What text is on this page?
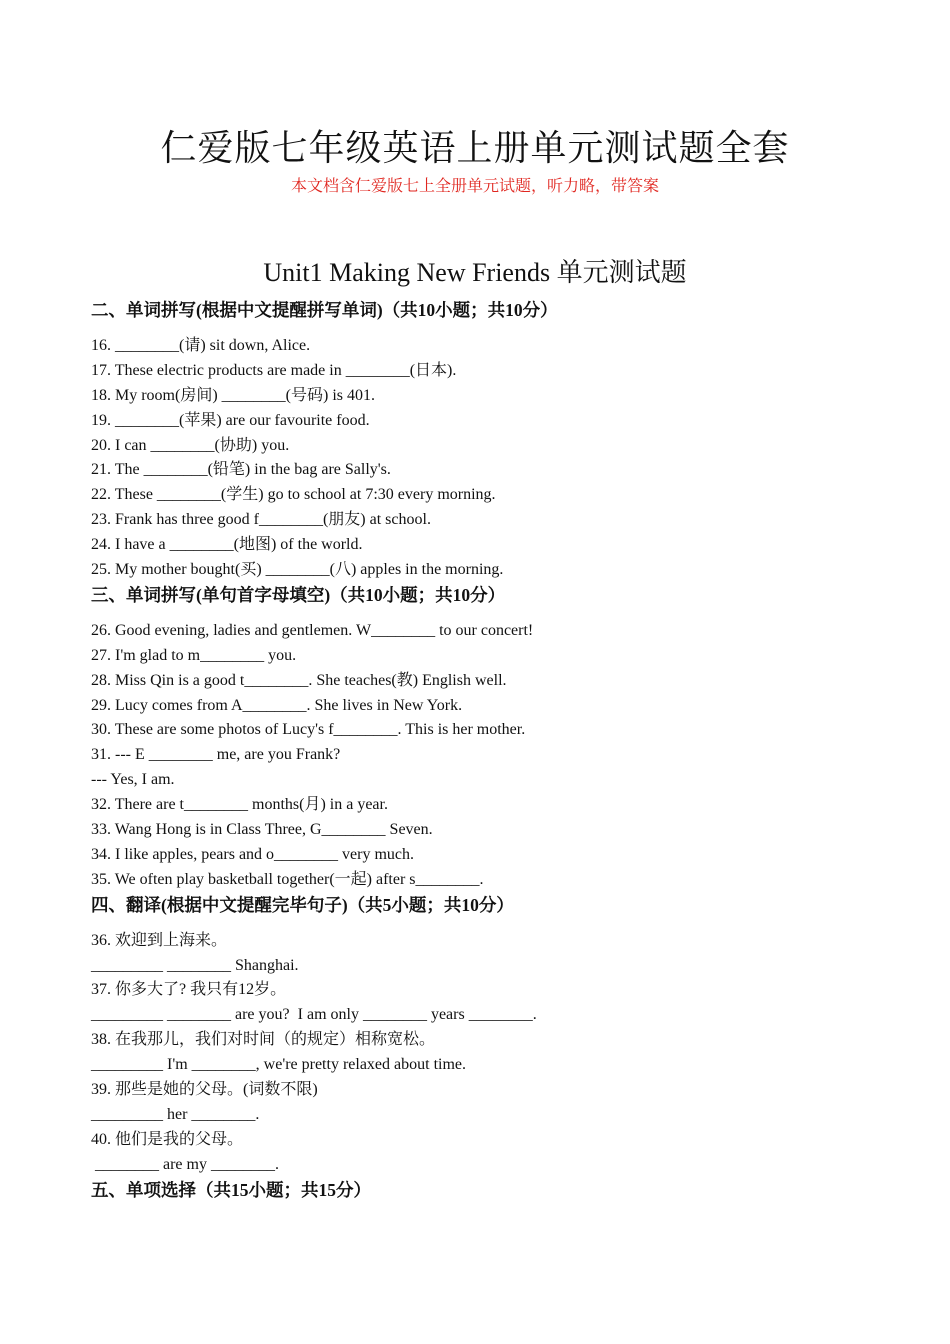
仁爱版七年级英语上册单元测试题全套
本文档含仁爱版七上全册单元试题，听力略，带答案
Unit1 Making New Friends 单元测试题
二、单词拼写(根据中文提醒拼写单词)（共10小题；共10分）
16. ________(请) sit down, Alice.
17. These electric products are made in ________(日本).
18. My room(房间) ________(号码) is 401.
19. ________(苹果) are our favourite food.
20. I can ________(协助) you.
21. The ________(铅笔) in the bag are Sally's.
22. These ________(学生) go to school at 7:30 every morning.
23. Frank has three good f________(朋友) at school.
24. I have a ________(地图) of the world.
25. My mother bought(买) ________(八) apples in the morning.
三、单词拼写(单句首字母填空)（共10小题；共10分）
26. Good evening, ladies and gentlemen. W________ to our concert!
27. I'm glad to m________ you.
28. Miss Qin is a good t________. She teaches(教) English well.
29. Lucy comes from A________. She lives in New York.
30. These are some photos of Lucy's f________. This is her mother.
31. --- E ________ me, are you Frank?
--- Yes, I am.
32. There are t________ months(月) in a year.
33. Wang Hong is in Class Three, G________ Seven.
34. I like apples, pears and o________ very much.
35. We often play basketball together(一起) after s________.
四、翻译(根据中文提醒完毕句子)（共5小题；共10分）
36. 欢迎到上海来。
_________ ________ Shanghai.
37. 你多大了? 我只有12岁。
_________ ________ are you?  I am only ________ years ________.
38. 在我那儿，我们对时间（的规定）相称宽松。
_________ I'm ________, we're pretty relaxed about time.
39. 那些是她的父母。(词数不限)
_________ her ________.
40. 他们是我的父母。
________ are my ________.
五、单项选择（共15小题；共15分）
